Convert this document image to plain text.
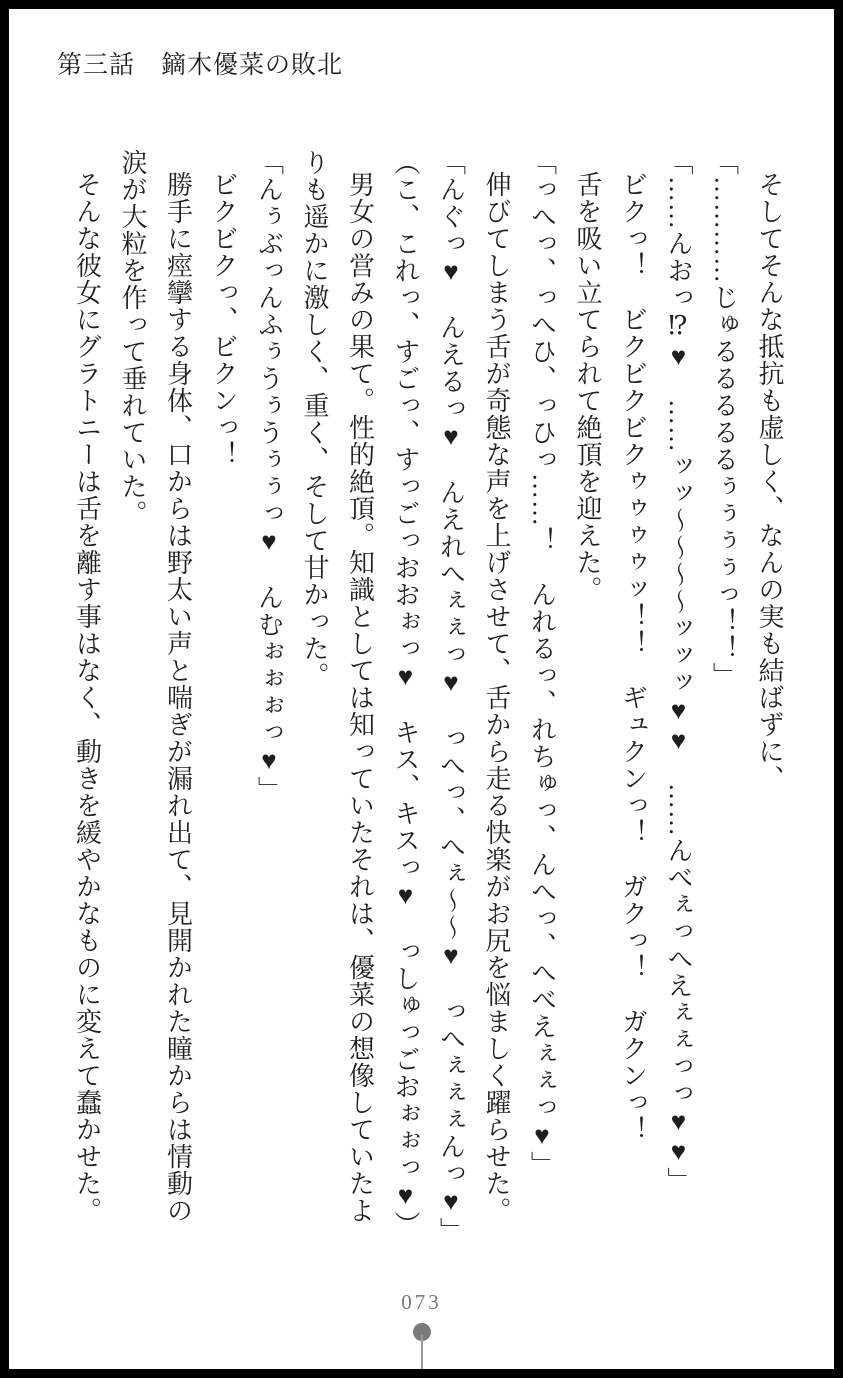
第三話　鏑木優菜の敗北

そしてそんな抵抗も虚しく、なんの実も結ばずに、

「…………じゅるるるるるぅぅぅぅっ！！」

「……んおっ⁉♥　……ッッ～～～～ッッッ♥♥　……んべぇっへえぇぇっっ♥♥」

ビクっ！　ビクビクビクゥゥゥゥッ！！　ギュクンっ！　ガクっ！　ガクンっ！

舌を吸い立てられて絶頂を迎えた。

「っへっ、っへひ、っひっ……！　んれるっ、れちゅっ、んへっ、へべえぇぇっ♥」

伸びてしまう舌が奇態な声を上げさせて、舌から走る快楽がお尻を悩ましく躍らせた。

「んぐっ♥　んえるっ♥　んえれへぇぇっ♥　っへっ、へぇ～～♥　っへぇぇぇんっ♥」

（こ、これっ、すごっ、すっごっおおぉっ♥　キス、キスっ♥　っしゅっごおぉぉっ♥）

男女の営みの果て。性的絶頂。知識としては知っていたそれは、優菜の想像していたよ

りも遥かに激しく、重く、そして甘かった。

「んぅぶっんふぅうぅうぅぅっ♥　んむぉぉぉっ♥」

ビクビクっ、ビクンっ！

勝手に痙攣する身体、口からは野太い声と喘ぎが漏れ出て、見開かれた瞳からは情動の

涙が大粒を作って垂れていた。

そんな彼女にグラトニーは舌を離す事はなく、動きを緩やかなものに変えて蠢かせた。

073
